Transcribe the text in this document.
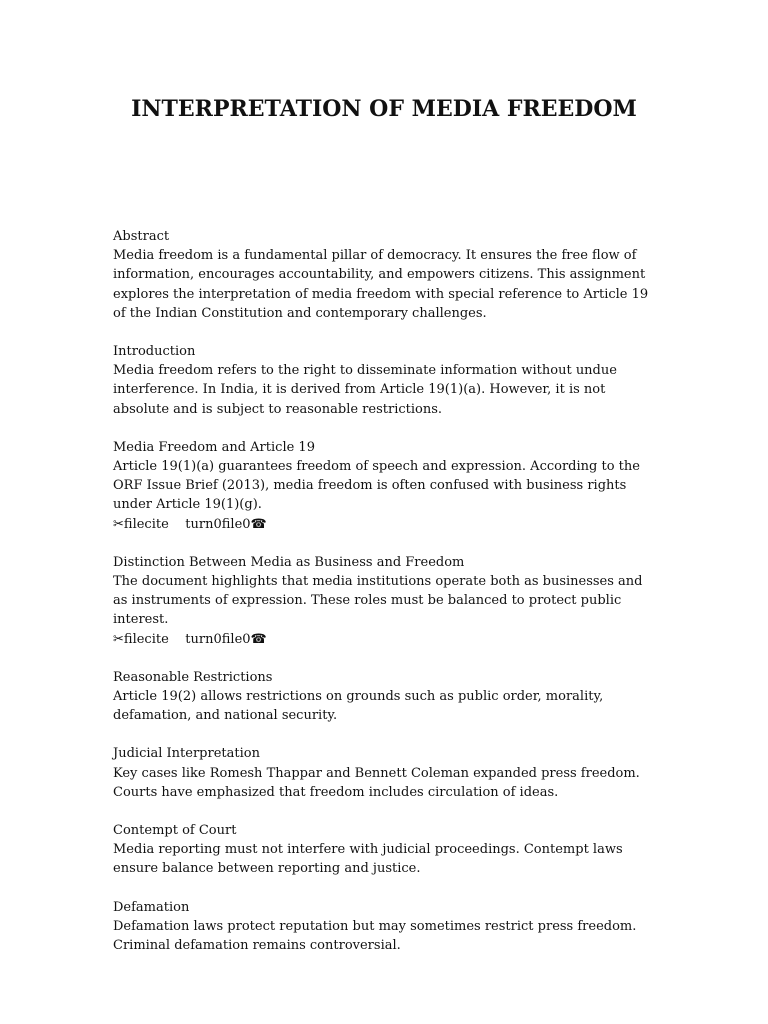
INTERPRETATION OF MEDIA FREEDOM

Abstract

Media freedom is a fundamental pillar of democracy. It ensures the free flow of information, encourages accountability, and empowers citizens. This assignment explores the interpretation of media freedom with special reference to Article 19 of the Indian Constitution and contemporary challenges.

Introduction

Media freedom refers to the right to disseminate information without undue interference. In India, it is derived from Article 19(1)(a). However, it is not absolute and is subject to reasonable restrictions.

Media Freedom and Article 19

Article 19(1)(a) guarantees freedom of speech and expression. According to the ORF Issue Brief (2013), media freedom is often confused with business rights under Article 19(1)(g).

✂filecite    turn0file0☎

Distinction Between Media as Business and Freedom

The document highlights that media institutions operate both as businesses and as instruments of expression. These roles must be balanced to protect public interest.

✂filecite    turn0file0☎

Reasonable Restrictions

Article 19(2) allows restrictions on grounds such as public order, morality, defamation, and national security.

Judicial Interpretation

Key cases like Romesh Thappar and Bennett Coleman expanded press freedom. Courts have emphasized that freedom includes circulation of ideas.

Contempt of Court

Media reporting must not interfere with judicial proceedings. Contempt laws ensure balance between reporting and justice.

Defamation

Defamation laws protect reputation but may sometimes restrict press freedom. Criminal defamation remains controversial.
